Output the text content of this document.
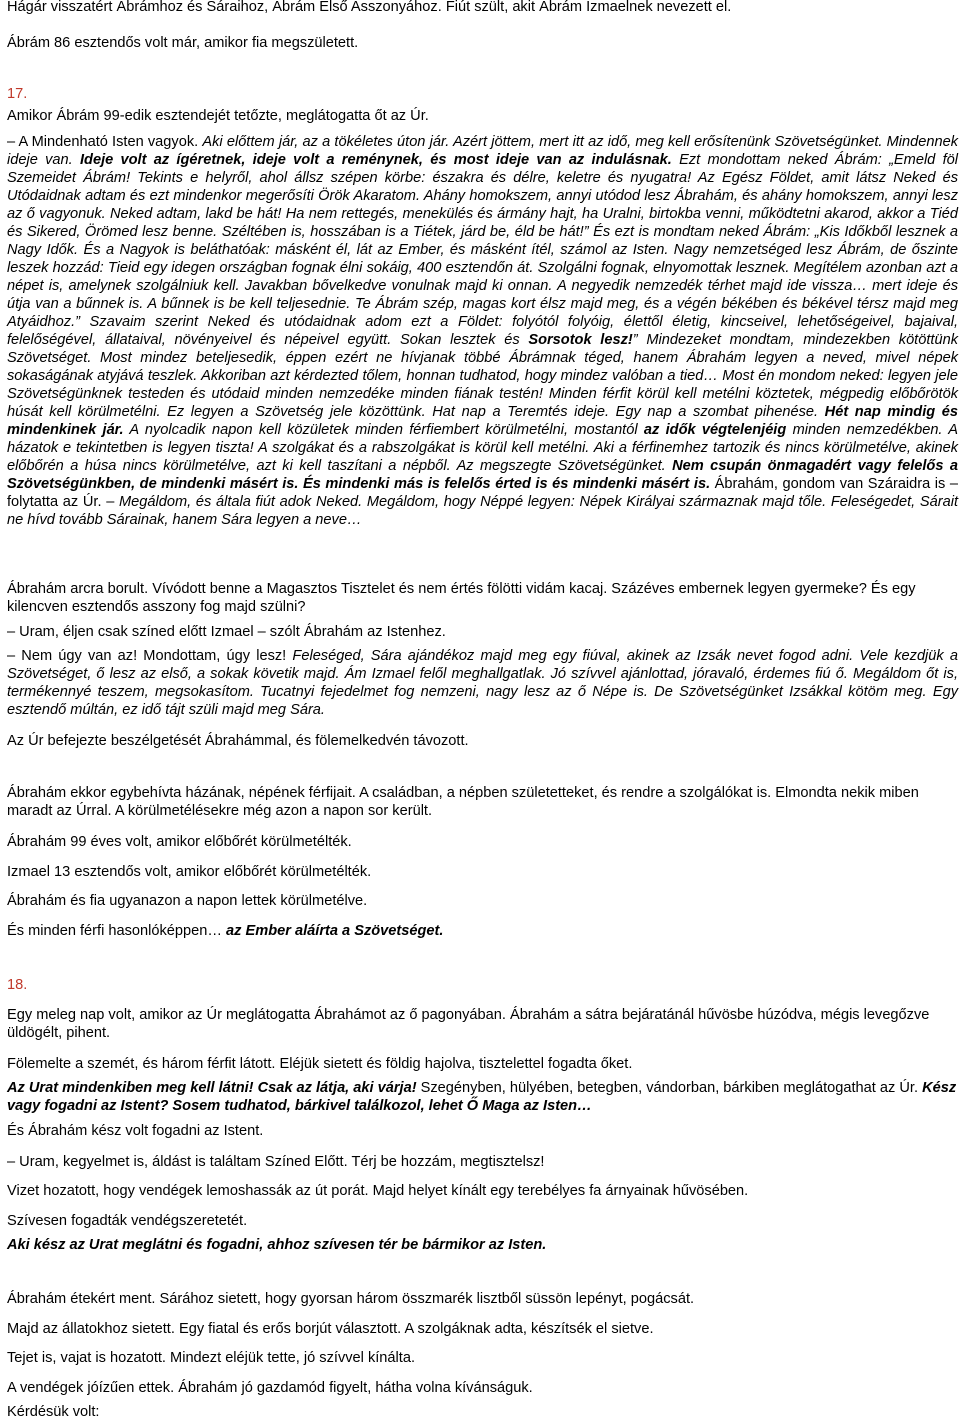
Hágár visszatért Ábrámhoz és Sáraihoz, Ábrám Első Asszonyához. Fiút szült, akit Ábrám Izmaelnek nevezett el.

Ábrám 86 esztendős volt már, amikor fia megszületett.

17.

Amikor Ábrám 99-edik esztendejét tetőzte, meglátogatta őt az Úr.

– A Mindenható Isten vagyok. Aki előttem jár, az a tökéletes úton jár. Azért jöttem, mert itt az idő, meg kell erősítenünk Szövetségünket. Mindennek ideje van. Ideje volt az ígéretnek, ideje volt a reménynek, és most ideje van az indulásnak. Ezt mondottam neked Ábrám: „Emeld föl Szemeidet Ábrám! Tekints e helyről, ahol állsz szépen körbe: északra és délre, keletre és nyugatra! Az Egész Földet, amit látsz Neked és Utódaidnak adtam és ezt mindenkor megerősíti Örök Akaratom. Ahány homokszem, annyi utódod lesz Ábrahám, és ahány homokszem, annyi lesz az ő vagyonuk. Neked adtam, lakd be hát! Ha nem rettegés, menekülés és ármány hajt, ha Uralni, birtokba venni, működtetni akarod, akkor a Tiéd és Sikered, Örömed lesz benne. Széltében is, hosszában is a Tiétek, járd be, éld be hát!” És ezt is mondtam neked Ábrám: „Kis Időkből lesznek a Nagy Idők. És a Nagyok is beláthatóak: másként él, lát az Ember, és másként ítél, számol az Isten. Nagy nemzetséged lesz Ábrám, de őszinte leszek hozzád: Tieid egy idegen országban fognak élni sokáig, 400 esztendőn át. Szolgálni fognak, elnyomottak lesznek. Megítélem azonban azt a népet is, amelynek szolgálniuk kell. Javakban bővelkedve vonulnak majd ki onnan. A negyedik nemzedék térhet majd ide vissza… mert ideje és útja van a bűnnek is. A bűnnek is be kell teljesednie. Te Ábrám szép, magas kort élsz majd meg, és a végén békében és békével térsz majd meg Atyáidhoz.” Szavaim szerint Neked és utódaidnak adom ezt a Földet: folyótól folyóig, élettől életig, kincseivel, lehetőségeivel, bajaival, felelőségével, állataival, növényeivel és népeivel együtt. Sokan lesztek és Sorsotok lesz!” Mindezeket mondtam, mindezekben kötöttünk Szövetséget. Most mindez beteljesedik, éppen ezért ne hívjanak többé Ábrámnak téged, hanem Ábrahám legyen a neved, mivel népek sokaságának atyjává teszlek. Akkoriban azt kérdezted tőlem, honnan tudhatod, hogy mindez valóban a tied… Most én mondom neked: legyen jele Szövetségünknek testeden és utódaid minden nemzedéke minden fiának testén! Minden férfit körül kell metélni köztetek, mégpedig előbőrötök húsát kell körülmetélni. Ez legyen a Szövetség jele közöttünk. Hat nap a Teremtés ideje. Egy nap a szombat pihenése. Hét nap mindig és mindenkinek jár. A nyolcadik napon kell közületek minden férfiembert körülmetélni, mostantól az idők végtelenjéig minden nemzedékben. A házatok e tekintetben is legyen tiszta! A szolgákat és a rabszolgákat is körül kell metélni. Aki a férfinemhez tartozik és nincs körülmetélve, akinek előbőrén a húsa nincs körülmetélve, azt ki kell taszítani a népből. Az megszegte Szövetségünket. Nem csupán önmagadért vagy felelős a Szövetségünkben, de mindenki másért is. És mindenki más is felelős érted is és mindenki másért is. Ábrahám, gondom van Száraidra is – folytatta az Úr. – Megáldom, és általa fiút adok Neked. Megáldom, hogy Néppé legyen: Népek Királyai származnak majd tőle. Feleségedet, Sárait ne hívd tovább Sárainak, hanem Sára legyen a neve…

Ábrahám arcra borult. Vívódott benne a Magasztos Tisztelet és nem értés fölötti vidám kacaj. Százéves embernek legyen gyermeke? És egy kilencven esztendős asszony fog majd szülni?

– Uram, éljen csak színed előtt Izmael – szólt Ábrahám az Istenhez.

– Nem úgy van az! Mondottam, úgy lesz! Feleséged, Sára ajándékoz majd meg egy fiúval, akinek az Izsák nevet fogod adni. Vele kezdjük a Szövetséget, ő lesz az első, a sokak követik majd. Ám Izmael felől meghallgatlak. Jó szívvel ajánlottad, jóravaló, érdemes fiú ő. Megáldom őt is, termékennyé teszem, megsokasítom. Tucatnyi fejedelmet fog nemzeni, nagy lesz az ő Népe is. De Szövetségünket Izsákkal kötöm meg. Egy esztendő múltán, ez idő tájt szüli majd meg Sára.

Az Úr befejezte beszélgetését Ábrahámmal, és fölemelkedvén távozott.

Ábrahám ekkor egybehívta házának, népének férfijait. A családban, a népben születetteket, és rendre a szolgálókat is. Elmondta nekik miben maradt az Úrral. A körülmetélésekre még azon a napon sor került.

Ábrahám 99 éves volt, amikor előbőrét körülmetélték.

Izmael 13 esztendős volt, amikor előbőrét körülmetélték.

Ábrahám és fia ugyanazon a napon lettek körülmetélve.

És minden férfi hasonlóképpen… az Ember aláírta a Szövetséget.

18.

Egy meleg nap volt, amikor az Úr meglátogatta Ábrahámot az ő pagonyában. Ábrahám a sátra bejáratánál hűvösbe húzódva, mégis levegőzve üldögélt, pihent.

Fölemelte a szemét, és három férfit látott. Eléjük sietett és földig hajolva, tisztelettel fogadta őket.

Az Urat mindenkiben meg kell látni! Csak az látja, aki várja! Szegényben, hülyében, betegben, vándorban, bárkiben meglátogathat az Úr. Kész vagy fogadni az Istent? Sosem tudhatod, bárkivel találkozol, lehet Ő Maga az Isten…

És Ábrahám kész volt fogadni az Istent.

– Uram, kegyelmet is, áldást is találtam Színed Előtt. Térj be hozzám, megtisztelsz!

Vizet hozatott, hogy vendégek lemoshassák az út porát. Majd helyet kínált egy terebélyes fa árnyainak hűvösében.

Szívesen fogadták vendégszeretetét.

Aki kész az Urat meglátni és fogadni, ahhoz szívesen tér be bármikor az Isten.

Ábrahám étekért ment. Sárához sietett, hogy gyorsan három összmarék lisztből süssön lepényt, pogácsát.

Majd az állatokhoz sietett. Egy fiatal és erős borjút választott. A szolgáknak adta, készítsék el sietve.

Tejet is, vajat is hozatott. Mindezt eléjük tette, jó szívvel kínálta.

A vendégek jóízűen ettek. Ábrahám jó gazdamód figyelt, hátha volna kívánságuk.

Kérdésük volt:
